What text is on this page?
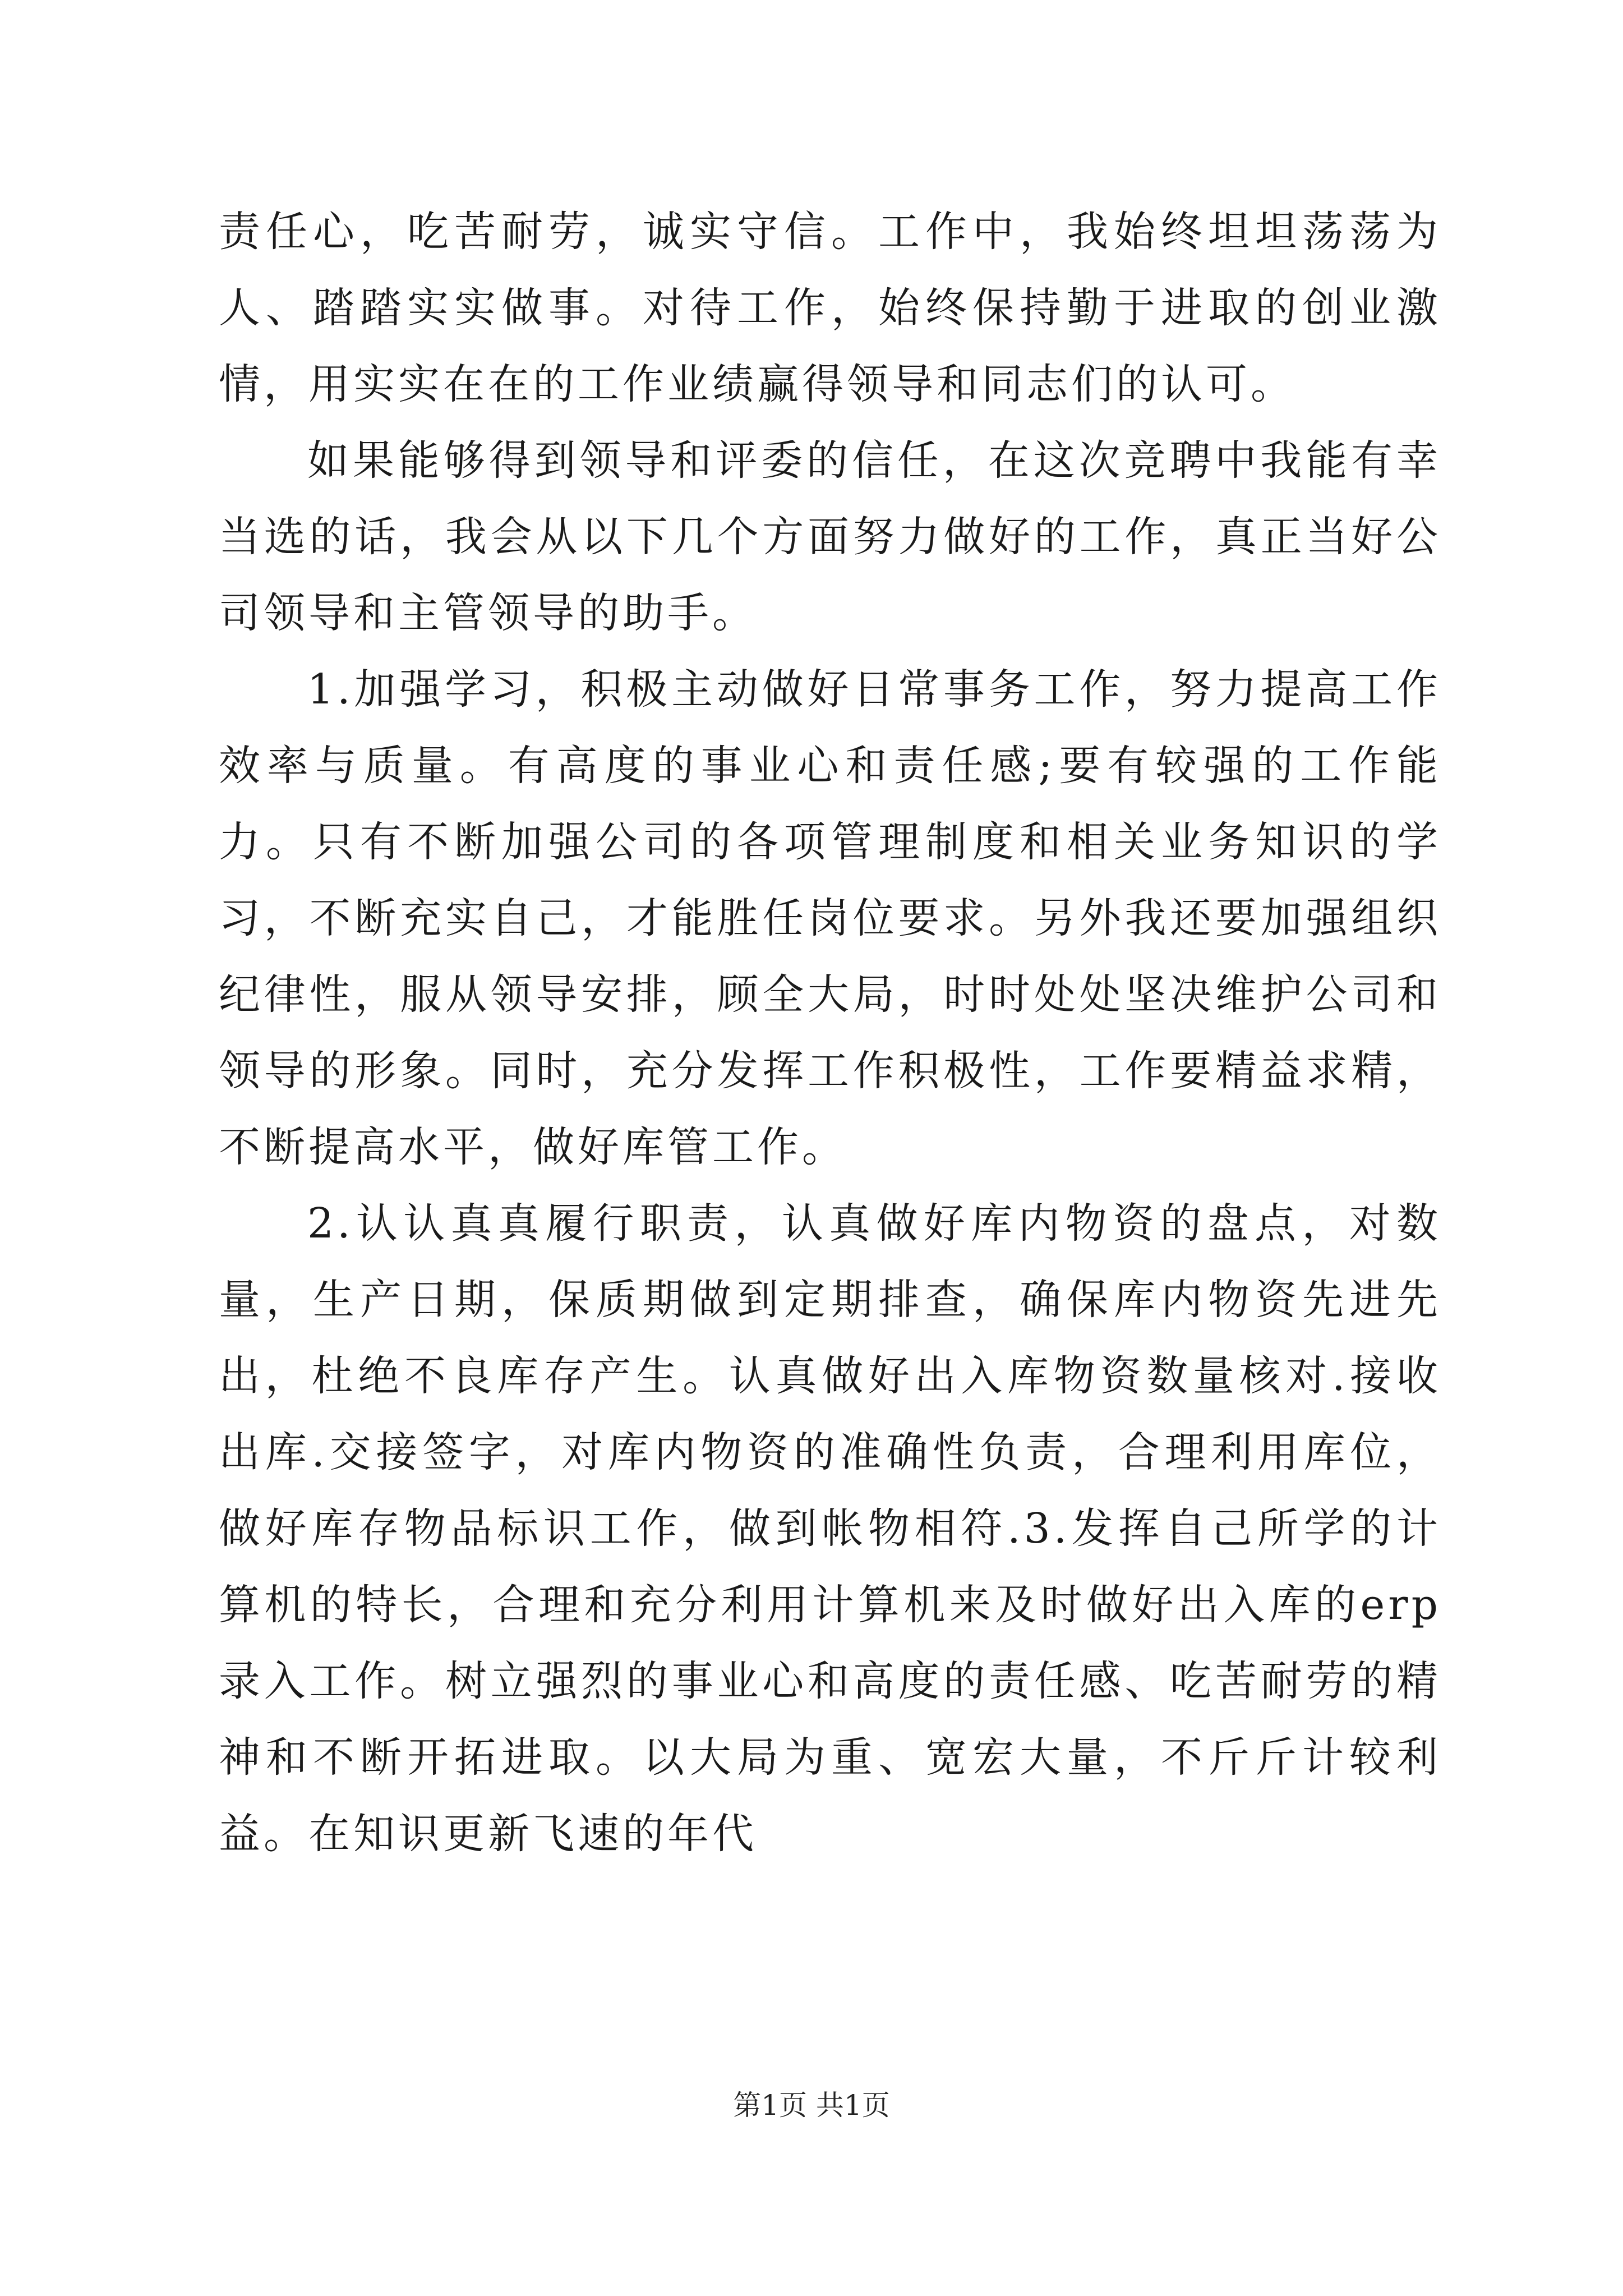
责任心，吃苦耐劳，诚实守信。工作中，我始终坦坦荡荡为人、踏踏实实做事。对待工作，始终保持勤于进取的创业激情，用实实在在的工作业绩赢得领导和同志们的认可。

如果能够得到领导和评委的信任，在这次竞聘中我能有幸当选的话，我会从以下几个方面努力做好的工作，真正当好公司领导和主管领导的助手。

1.加强学习，积极主动做好日常事务工作，努力提高工作效率与质量。有高度的事业心和责任感;要有较强的工作能力。只有不断加强公司的各项管理制度和相关业务知识的学习，不断充实自己，才能胜任岗位要求。另外我还要加强组织纪律性，服从领导安排，顾全大局，时时处处坚决维护公司和领导的形象。同时，充分发挥工作积极性，工作要精益求精，不断提高水平，做好库管工作。

2.认认真真履行职责，认真做好库内物资的盘点，对数量，生产日期，保质期做到定期排查，确保库内物资先进先出，杜绝不良库存产生。认真做好出入库物资数量核对.接收出库.交接签字，对库内物资的准确性负责，合理利用库位，做好库存物品标识工作，做到帐物相符.3.发挥自己所学的计算机的特长，合理和充分利用计算机来及时做好出入库的erp录入工作。树立强烈的事业心和高度的责任感、吃苦耐劳的精神和不断开拓进取。以大局为重、宽宏大量，不斤斤计较利益。在知识更新飞速的年代

第1页 共1页
